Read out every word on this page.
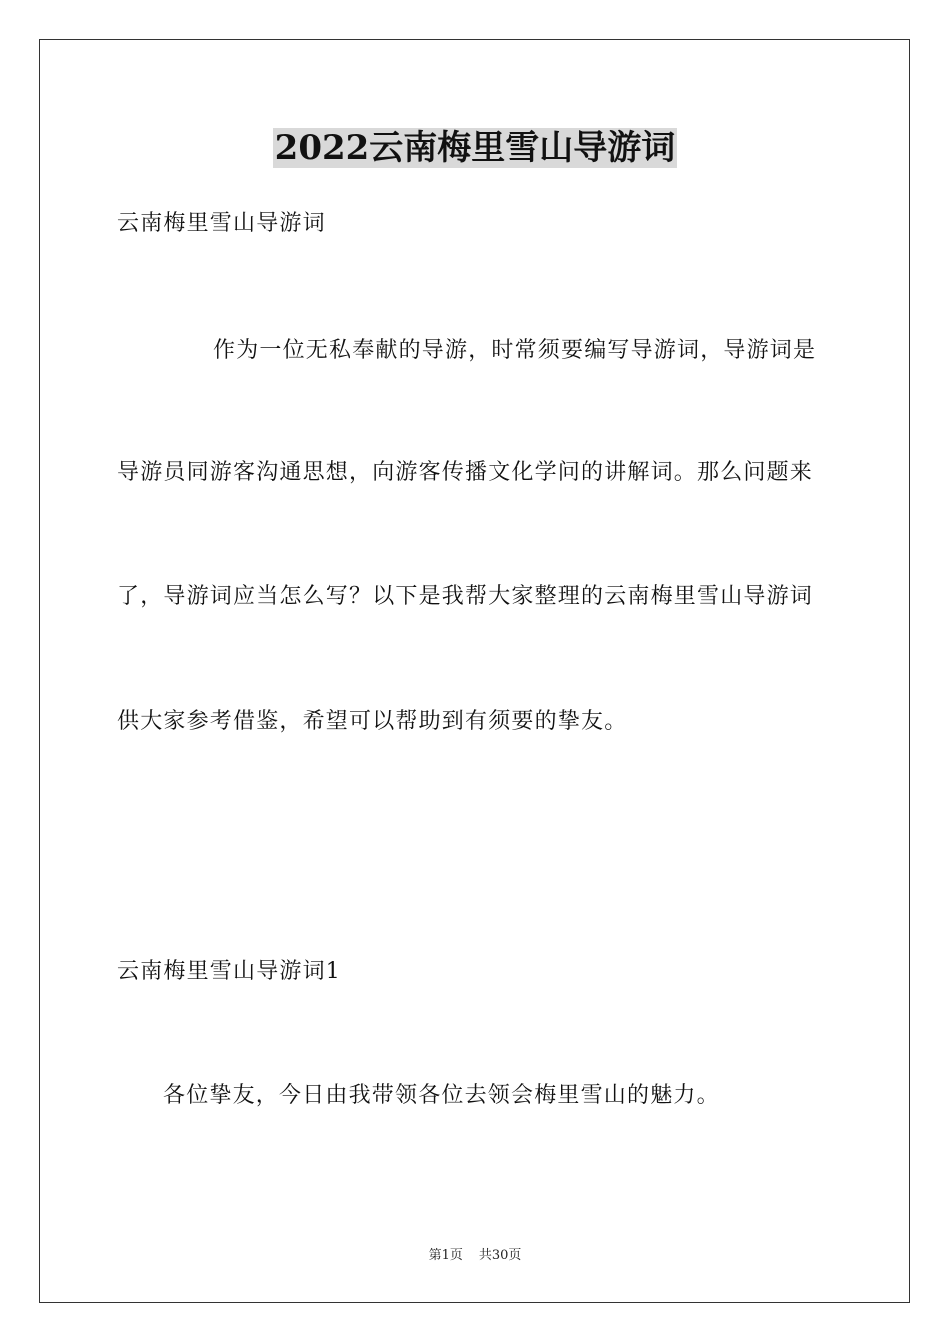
2022云南梅里雪山导游词
云南梅里雪山导游词
作为一位无私奉献的导游，时常须要编写导游词，导游词是
导游员同游客沟通思想，向游客传播文化学问的讲解词。那么问题来
了，导游词应当怎么写？以下是我帮大家整理的云南梅里雪山导游词
供大家参考借鉴，希望可以帮助到有须要的挚友。
云南梅里雪山导游词1
各位挚友，今日由我带领各位去领会梅里雪山的魅力。
第1页 共30页
